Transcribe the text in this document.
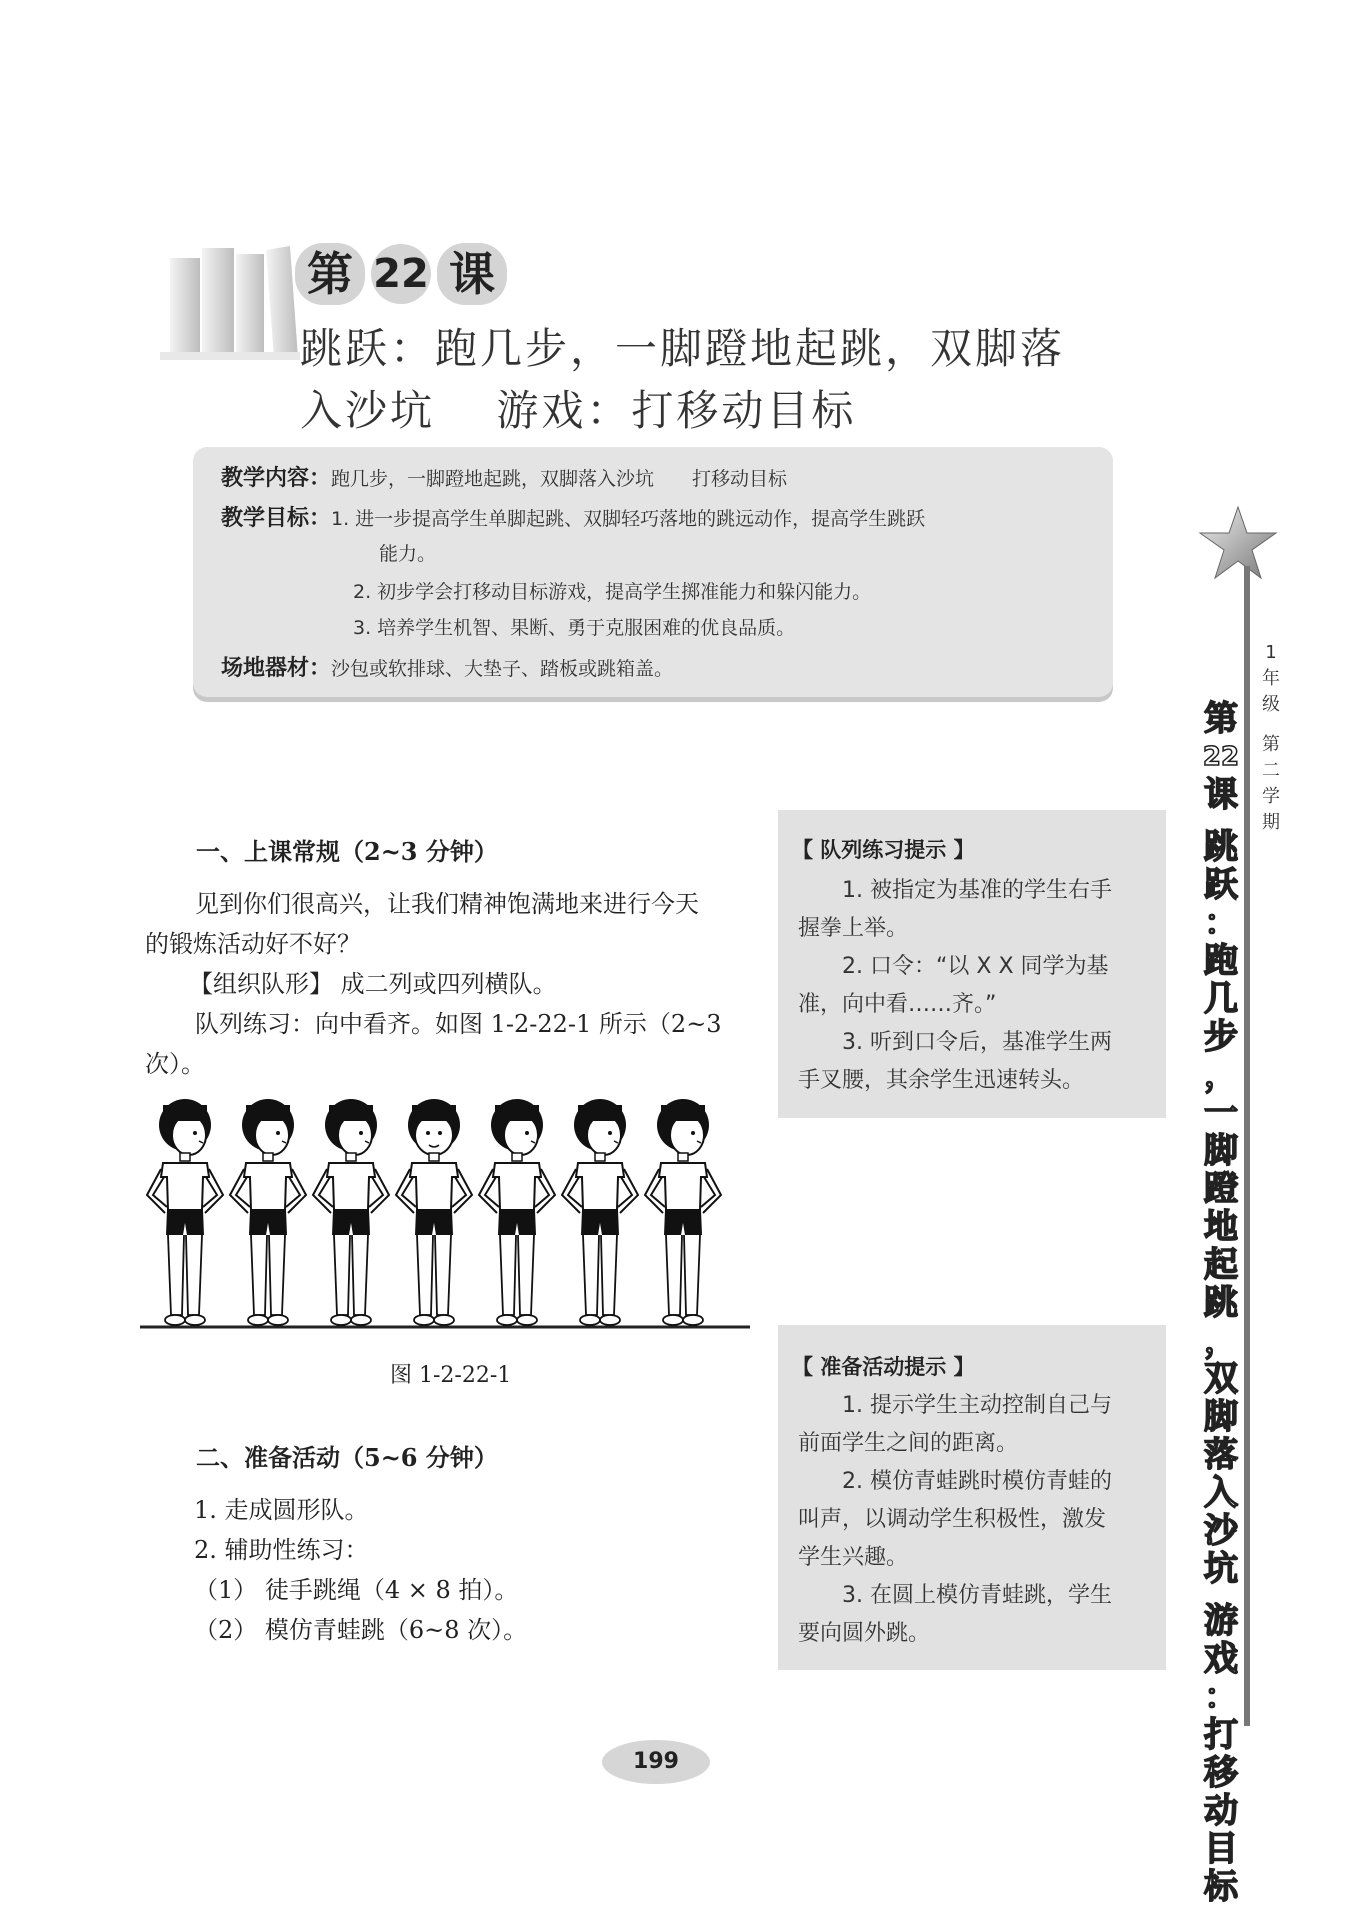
第 22 课
跳跃：跑几步，一脚蹬地起跳，双脚落
入沙坑　 游戏：打移动目标
教学内容：跑几步，一脚蹬地起跳，双脚落入沙坑　　打移动目标
教学目标：1. 进一步提高学生单脚起跳、双脚轻巧落地的跳远动作，提高学生跳跃
能力。
2. 初步学会打移动目标游戏，提高学生掷准能力和躲闪能力。
3. 培养学生机智、果断、勇于克服困难的优良品质。
场地器材：沙包或软排球、大垫子、踏板或跳箱盖。
1
年
级
第
二
学
期
第
22
课
跳
跃
：
跑
几
步
，
一
脚
蹬
地
起
跳
，
双
脚
落
入
沙
坑
游
戏
：
打
移
动
目
标
一、上课常规（2~3 分钟）
见到你们很高兴，让我们精神饱满地来进行今天
的锻炼活动好不好？
【组织队形】 成二列或四列横队。
队列练习：向中看齐。如图 1-2-22-1 所示（2~3
次）。
图 1-2-22-1
二、准备活动（5~6 分钟）
1. 走成圆形队。
2. 辅助性练习：
（1） 徒手跳绳（4 × 8 拍）。
（2） 模仿青蛙跳（6~8 次）。
【 队列练习提示 】
1. 被指定为基准的学生右手
握拳上举。
2. 口令：“以 X X 同学为基
准，向中看……齐。”
3. 听到口令后，基准学生两
手叉腰，其余学生迅速转头。
【 准备活动提示 】
1. 提示学生主动控制自己与
前面学生之间的距离。
2. 模仿青蛙跳时模仿青蛙的
叫声，以调动学生积极性，激发
学生兴趣。
3. 在圆上模仿青蛙跳，学生
要向圆外跳。
199
